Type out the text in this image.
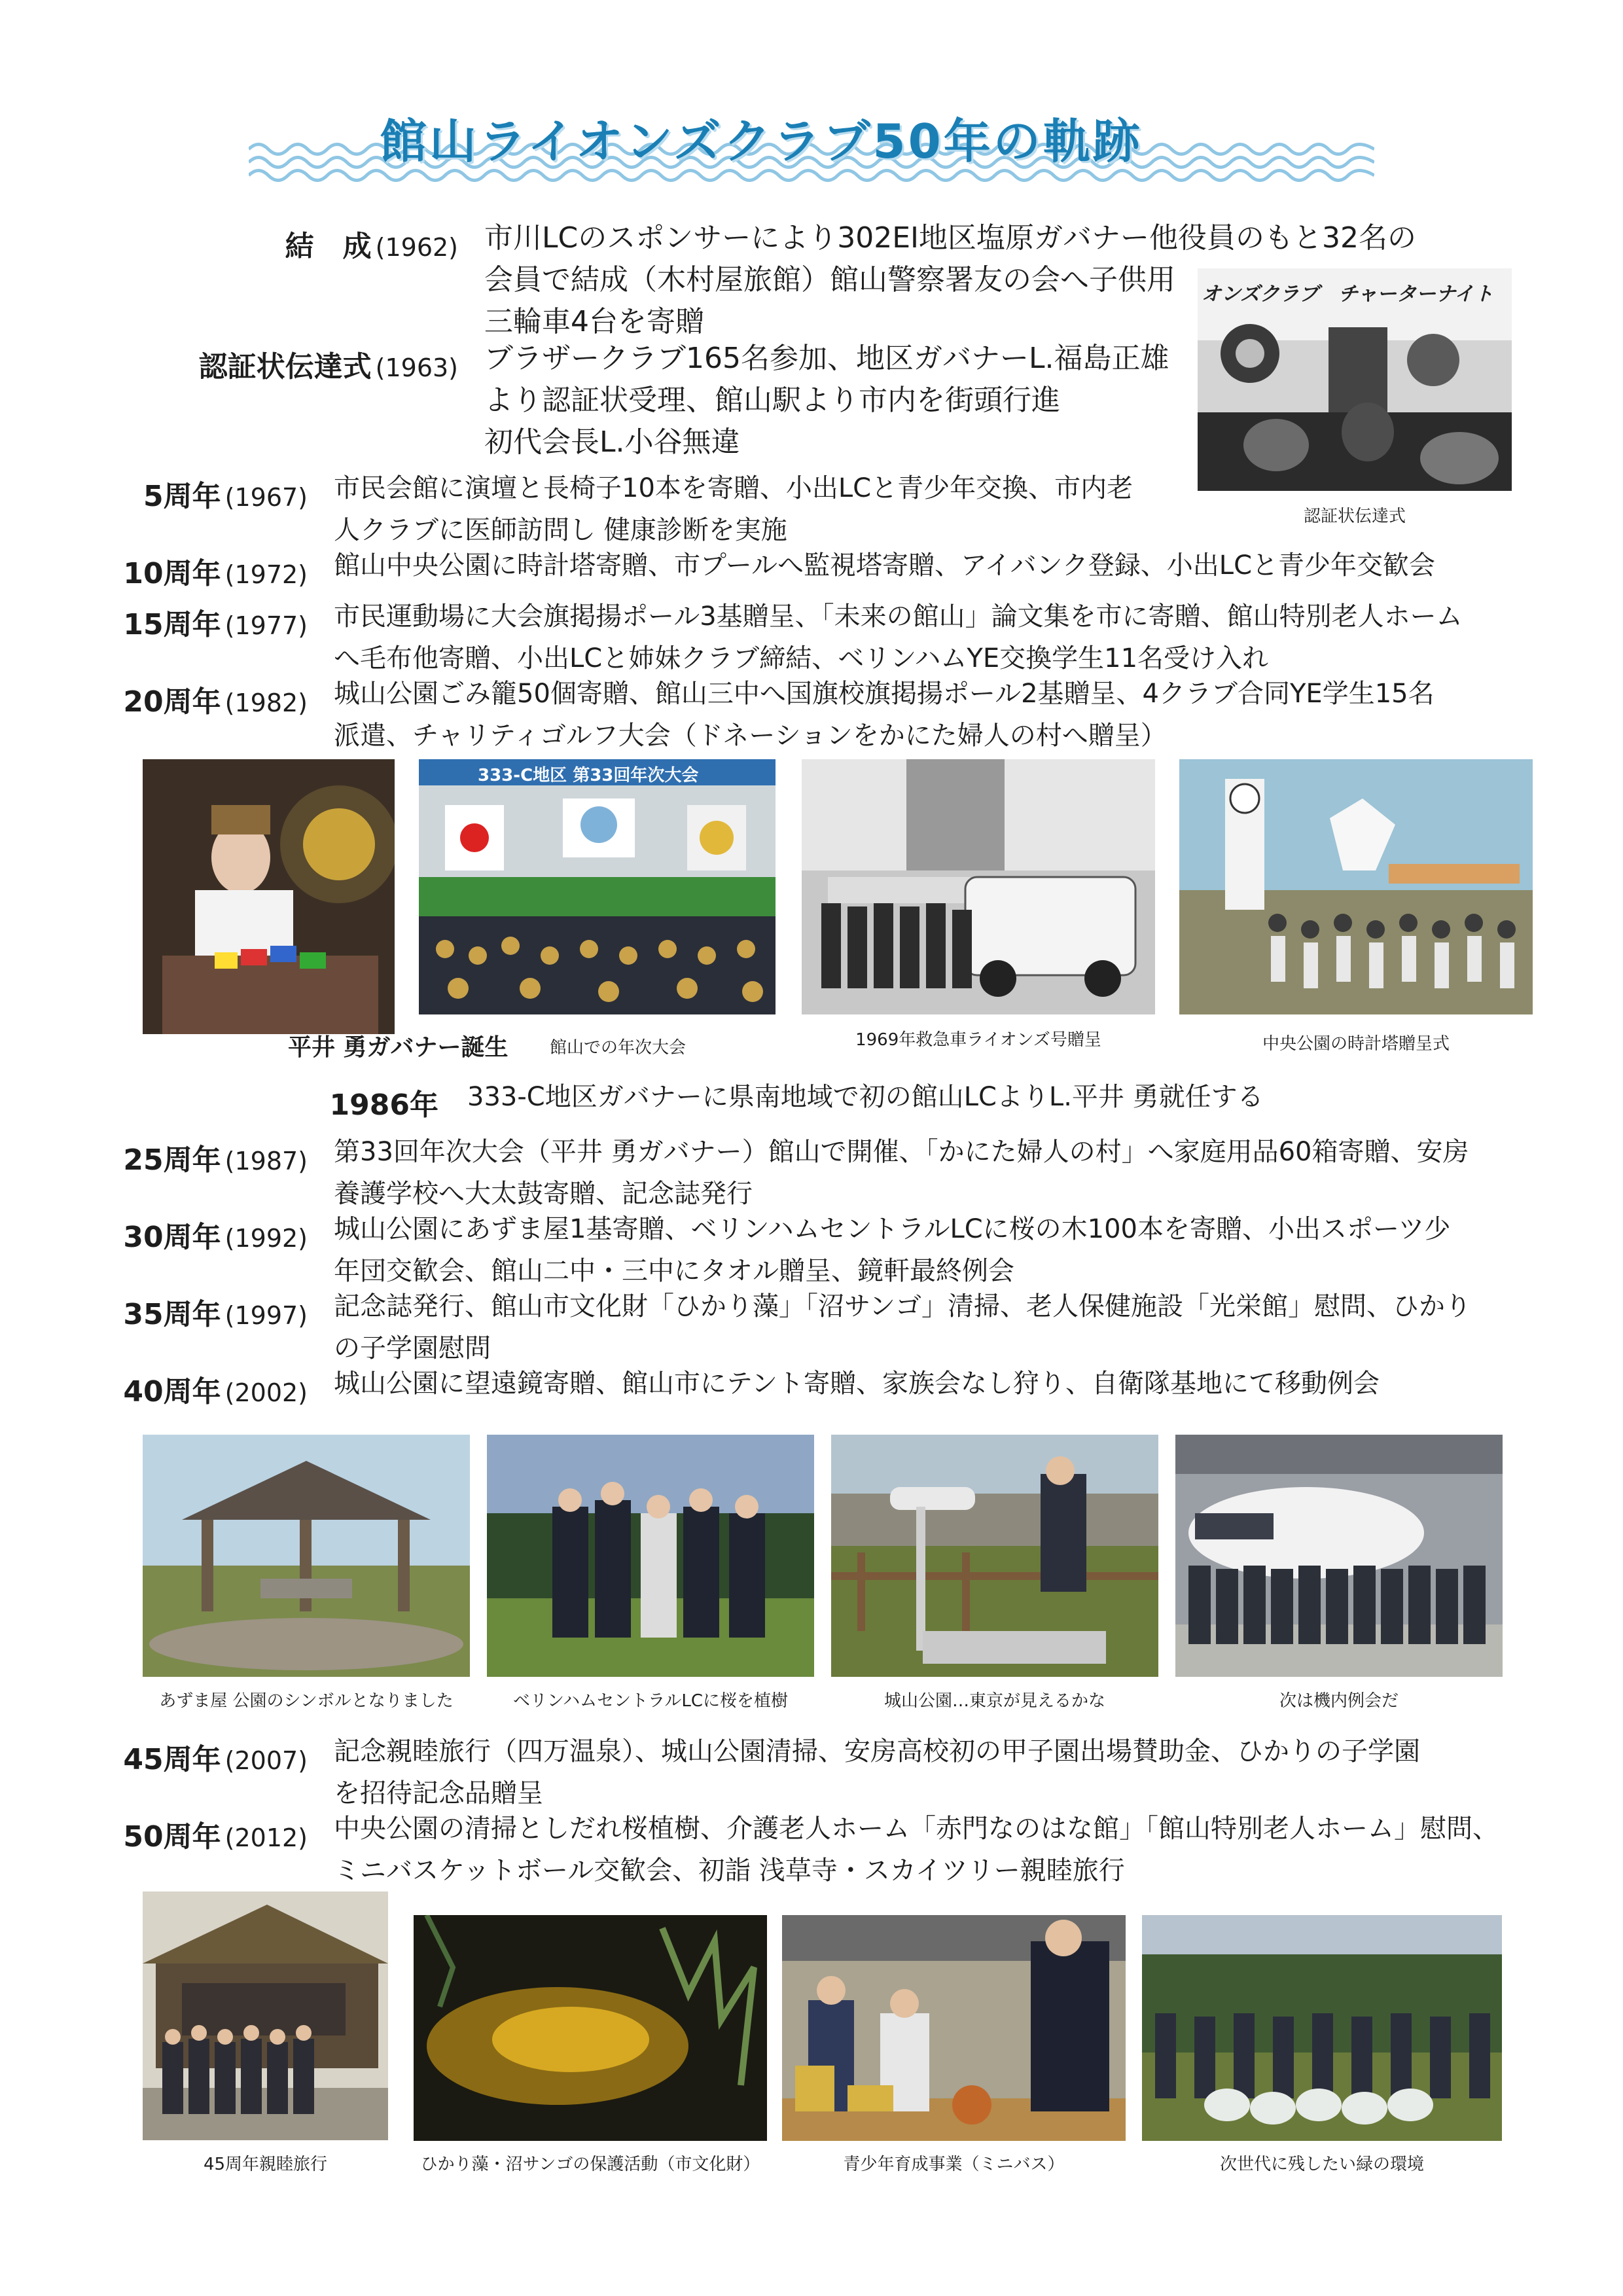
館山ライオンズクラブ50年の軌跡
結　成 (1962) 市川LCのスポンサーにより302EI地区塩原ガバナー他役員のもと32名の
会員で結成（木村屋旅館）館山警察署友の会へ子供用
三輪車4台を寄贈
認証状伝達式 (1963) ブラザークラブ165名参加、地区ガバナーL.福島正雄
より認証状受理、館山駅より市内を街頭行進
初代会長L.小谷無違
オンズクラブ　チャーターナイト
認証状伝達式
5周年 (1967) 市民会館に演壇と長椅子10本を寄贈、小出LCと青少年交換、市内老
人クラブに医師訪問し 健康診断を実施
10周年 (1972) 館山中央公園に時計塔寄贈、市プールへ監視塔寄贈、アイバンク登録、小出LCと青少年交歓会
15周年 (1977) 市民運動場に大会旗掲揚ポール3基贈呈、「未来の館山」論文集を市に寄贈、館山特別老人ホーム
へ毛布他寄贈、小出LCと姉妹クラブ締結、ベリンハムYE交換学生11名受け入れ
20周年 (1982) 城山公園ごみ籠50個寄贈、館山三中へ国旗校旗掲揚ポール2基贈呈、4クラブ合同YE学生15名
派遣、チャリティゴルフ大会（ドネーションをかにた婦人の村へ贈呈）
333-C地区 第33回年次大会
平井 勇ガバナー誕生 館山での年次大会	1969年救急車ライオンズ号贈呈	中央公園の時計塔贈呈式
1986年 333-C地区ガバナーに県南地域で初の館山LCよりL.平井 勇就任する
25周年 (1987) 第33回年次大会（平井 勇ガバナー）館山で開催、「かにた婦人の村」へ家庭用品60箱寄贈、安房
養護学校へ大太鼓寄贈、記念誌発行
30周年 (1992) 城山公園にあずま屋1基寄贈、ベリンハムセントラルLCに桜の木100本を寄贈、小出スポーツ少
年団交歓会、館山二中・三中にタオル贈呈、鏡軒最終例会
35周年 (1997) 記念誌発行、館山市文化財「ひかり藻」「沼サンゴ」清掃、老人保健施設「光栄館」慰問、ひかり
の子学園慰問
40周年 (2002) 城山公園に望遠鏡寄贈、館山市にテント寄贈、家族会なし狩り、自衛隊基地にて移動例会
あずま屋 公園のシンボルとなりました	ベリンハムセントラルLCに桜を植樹	城山公園…東京が見えるかな	次は機内例会だ
45周年 (2007) 記念親睦旅行（四万温泉）、城山公園清掃、安房高校初の甲子園出場賛助金、ひかりの子学園
を招待記念品贈呈
50周年 (2012) 中央公園の清掃としだれ桜植樹、介護老人ホーム「赤門なのはな館」「館山特別老人ホーム」慰問、
ミニバスケットボール交歓会、初詣 浅草寺・スカイツリー親睦旅行
45周年親睦旅行	ひかり藻・沼サンゴの保護活動（市文化財）	青少年育成事業（ミニバス）	次世代に残したい緑の環境
